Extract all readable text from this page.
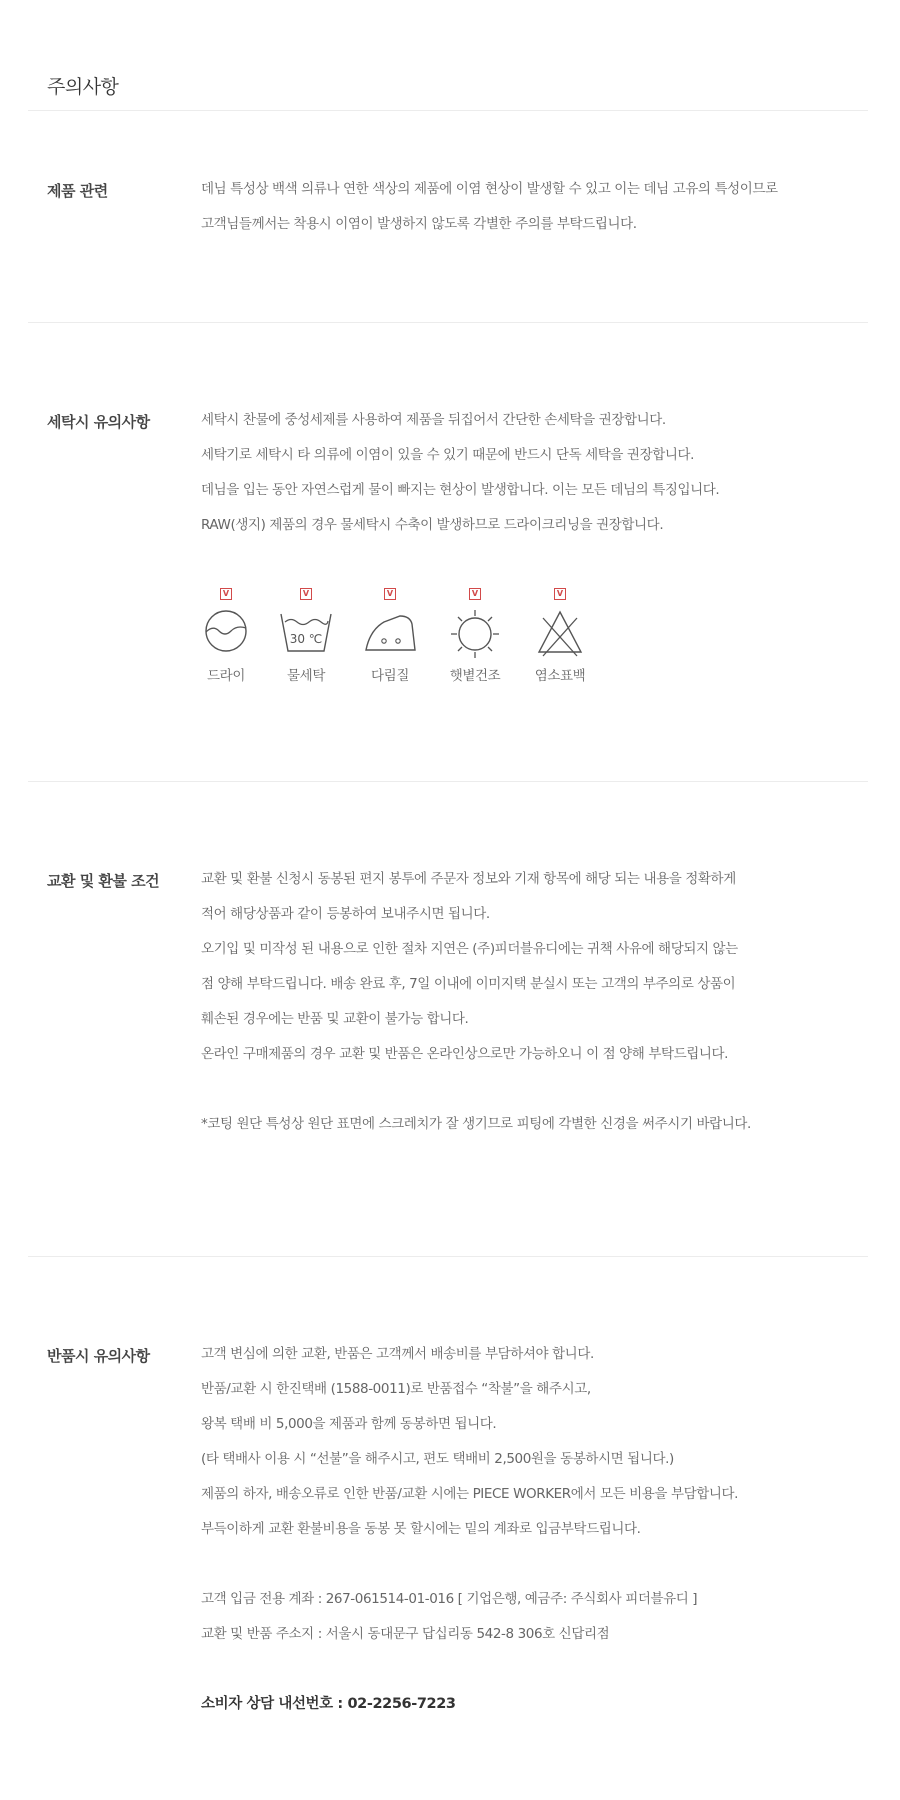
주의사항
제품 관련	데님 특성상 백색 의류나 연한 색상의 제품에 이염 현상이 발생할 수 있고 이는 데님 고유의 특성이므로
고객님들께서는 착용시 이염이 발생하지 않도록 각별한 주의를 부탁드립니다.
세탁시 유의사항	세탁시 찬물에 중성세제를 사용하여 제품을 뒤집어서 간단한 손세탁을 권장합니다.
세탁기로 세탁시 타 의류에 이염이 있을 수 있기 때문에 반드시 단독 세탁을 권장합니다.
데님을 입는 동안 자연스럽게 물이 빠지는 현상이 발생합니다. 이는 모든 데님의 특징입니다.
RAW(생지) 제품의 경우 물세탁시 수축이 발생하므로 드라이크리닝을 권장합니다.
V
드라이
V
30 ℃
물세탁
V
다림질
V
햇볕건조
V
염소표백
교환 및 환불 조건	교환 및 환불 신청시 동봉된 편지 봉투에 주문자 정보와 기재 항목에 해당 되는 내용을 정확하게
적어 해당상품과 같이 등봉하여 보내주시면 됩니다.
오기입 및 미작성 된 내용으로 인한 절차 지연은 (주)피더블유디에는 귀책 사유에 해당되지 않는
점 양해 부탁드립니다. 배송 완료 후, 7일 이내에 이미지택 분실시 또는 고객의 부주의로 상품이
훼손된 경우에는 반품 및 교환이 불가능 합니다.
온라인 구매제품의 경우 교환 및 반품은 온라인상으로만 가능하오니 이 점 양해 부탁드립니다.
*코팅 원단 특성상 원단 표면에 스크레치가 잘 생기므로 피팅에 각별한 신경을 써주시기 바랍니다.
반품시 유의사항	고객 변심에 의한 교환, 반품은 고객께서 배송비를 부담하셔야 합니다.
반품/교환 시 한진택배 (1588-0011)로 반품접수 “착불”을 해주시고,
왕복 택배 비 5,000을 제품과 함께 동봉하면 됩니다.
(타 택배사 이용 시 “선불”을 해주시고, 편도 택배비 2,500원을 동봉하시면 됩니다.)
제품의 하자, 배송오류로 인한 반품/교환 시에는 PIECE WORKER에서 모든 비용을 부담합니다.
부득이하게 교환 환불비용을 동봉 못 할시에는 밑의 계좌로 입금부탁드립니다.
고객 입금 전용 계좌 : 267-061514-01-016 [ 기업은행, 예금주: 주식회사 피더블유디 ]
교환 및 반품 주소지 : 서울시 동대문구 답십리동 542-8 306호 신답리점
소비자 상담 내선번호 : 02-2256-7223
